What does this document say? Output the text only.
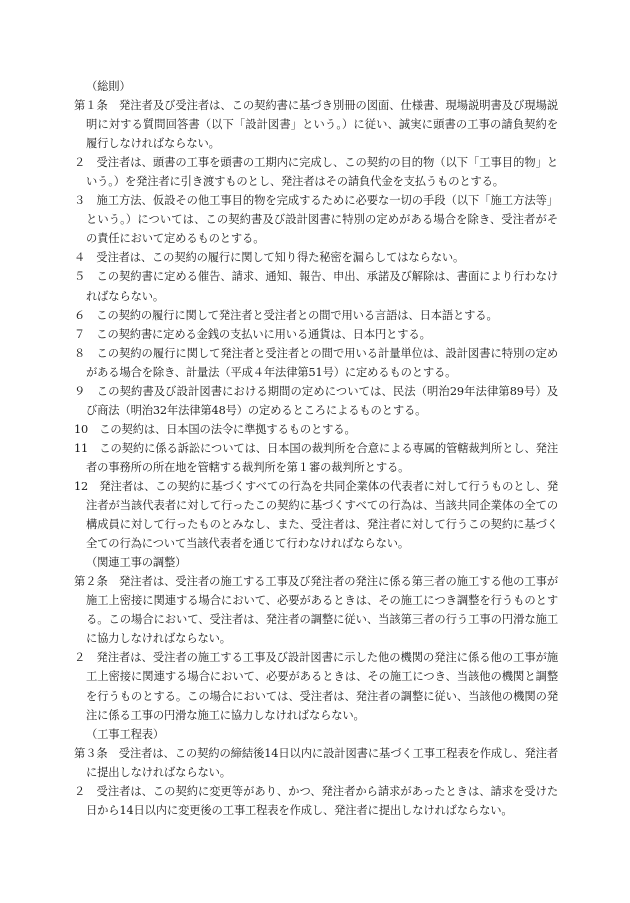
（総則）
第１条　発注者及び受注者は、この契約書に基づき別冊の図面、仕様書、現場説明書及び現場説明に対する質問回答書（以下「設計図書」という。）に従い、誠実に頭書の工事の請負契約を履行しなければならない。
２　受注者は、頭書の工事を頭書の工期内に完成し、この契約の目的物（以下「工事目的物」という。）を発注者に引き渡すものとし、発注者はその請負代金を支払うものとする。
３　施工方法、仮設その他工事目的物を完成するために必要な一切の手段（以下「施工方法等」という。）については、この契約書及び設計図書に特別の定めがある場合を除き、受注者がその責任において定めるものとする。
４　受注者は、この契約の履行に関して知り得た秘密を漏らしてはならない。
５　この契約書に定める催告、請求、通知、報告、申出、承諾及び解除は、書面により行わなければならない。
６　この契約の履行に関して発注者と受注者との間で用いる言語は、日本語とする。
７　この契約書に定める金銭の支払いに用いる通貨は、日本円とする。
８　この契約の履行に関して発注者と受注者との間で用いる計量単位は、設計図書に特別の定めがある場合を除き、計量法（平成４年法律第51号）に定めるものとする。
９　この契約書及び設計図書における期間の定めについては、民法（明治29年法律第89号）及び商法（明治32年法律第48号）の定めるところによるものとする。
10　この契約は、日本国の法令に準拠するものとする。
11　この契約に係る訴訟については、日本国の裁判所を合意による専属的管轄裁判所とし、発注者の事務所の所在地を管轄する裁判所を第１審の裁判所とする。
12　発注者は、この契約に基づくすべての行為を共同企業体の代表者に対して行うものとし、発注者が当該代表者に対して行ったこの契約に基づくすべての行為は、当該共同企業体の全ての構成員に対して行ったものとみなし、また、受注者は、発注者に対して行うこの契約に基づく全ての行為について当該代表者を通じて行わなければならない。
（関連工事の調整）
第２条　発注者は、受注者の施工する工事及び発注者の発注に係る第三者の施工する他の工事が施工上密接に関連する場合において、必要があるときは、その施工につき調整を行うものとする。この場合において、受注者は、発注者の調整に従い、当該第三者の行う工事の円滑な施工に協力しなければならない。
２　発注者は、受注者の施工する工事及び設計図書に示した他の機関の発注に係る他の工事が施工上密接に関連する場合において、必要があるときは、その施工につき、当該他の機関と調整を行うものとする。この場合においては、受注者は、発注者の調整に従い、当該他の機関の発注に係る工事の円滑な施工に協力しなければならない。
（工事工程表）
第３条　受注者は、この契約の締結後14日以内に設計図書に基づく工事工程表を作成し、発注者に提出しなければならない。
２　受注者は、この契約に変更等があり、かつ、発注者から請求があったときは、請求を受けた日から14日以内に変更後の工事工程表を作成し、発注者に提出しなければならない。
